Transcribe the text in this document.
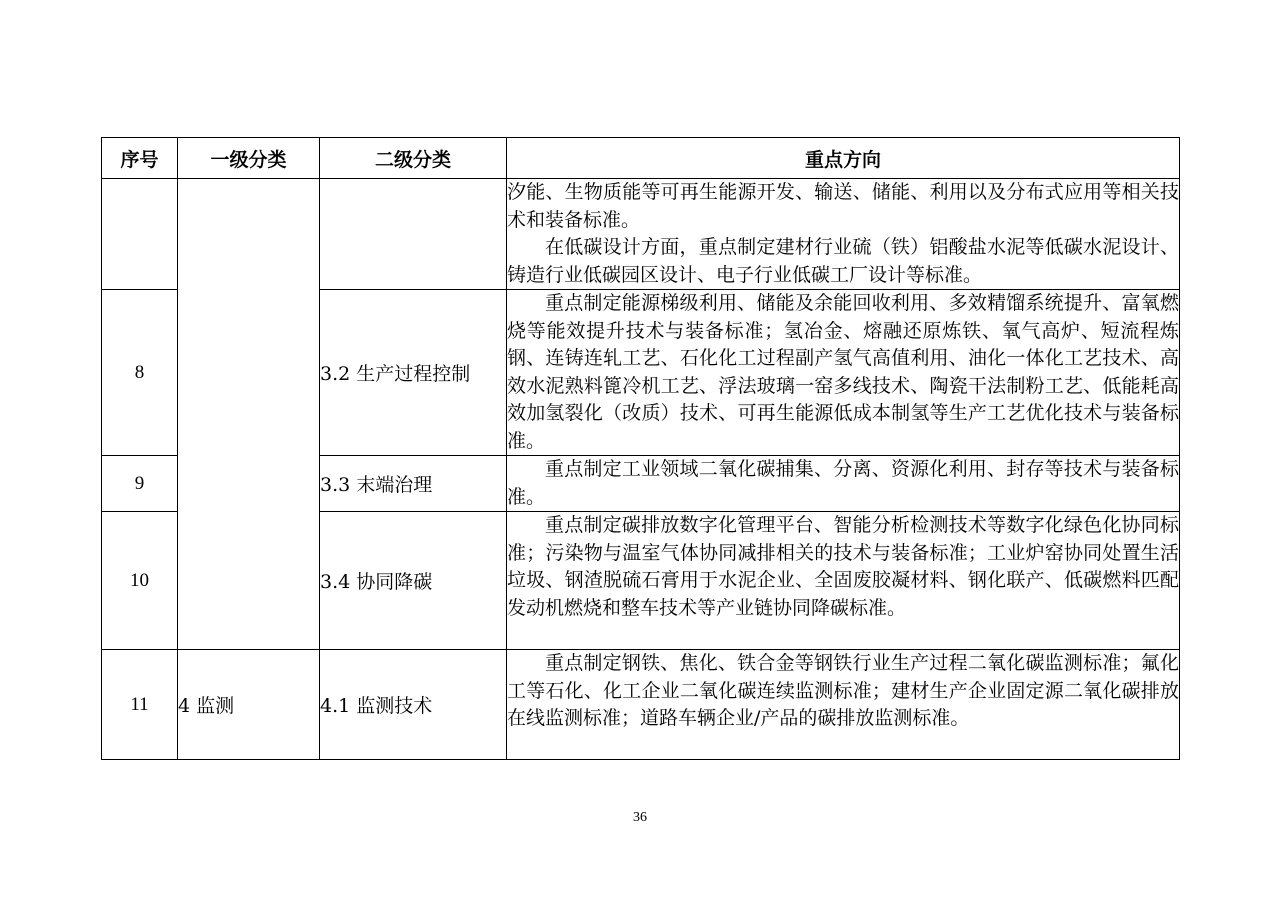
序号	一级分类	二级分类	重点方向

			汐能、生物质能等可再生能源开发、输送、储能、利用以及分布式应用等相关技术和装备标准。

在低碳设计方面，重点制定建材行业硫（铁）铝酸盐水泥等低碳水泥设计、铸造行业低碳园区设计、电子行业低碳工厂设计等标准。

8		3.2 生产过程控制	重点制定能源梯级利用、储能及余能回收利用、多效精馏系统提升、富氧燃烧等能效提升技术与装备标准；氢冶金、熔融还原炼铁、氧气高炉、短流程炼钢、连铸连轧工艺、石化化工过程副产氢气高值利用、油化一体化工艺技术、高效水泥熟料篦冷机工艺、浮法玻璃一窑多线技术、陶瓷干法制粉工艺、低能耗高效加氢裂化（改质）技术、可再生能源低成本制氢等生产工艺优化技术与装备标准。

9		3.3 末端治理	重点制定工业领域二氧化碳捕集、分离、资源化利用、封存等技术与装备标准。

10		3.4 协同降碳	重点制定碳排放数字化管理平台、智能分析检测技术等数字化绿色化协同标准；污染物与温室气体协同减排相关的技术与装备标准；工业炉窑协同处置生活垃圾、钢渣脱硫石膏用于水泥企业、全固废胶凝材料、钢化联产、低碳燃料匹配发动机燃烧和整车技术等产业链协同降碳标准。

11	4 监测	4.1 监测技术	重点制定钢铁、焦化、铁合金等钢铁行业生产过程二氧化碳监测标准；氟化工等石化、化工企业二氧化碳连续监测标准；建材生产企业固定源二氧化碳排放在线监测标准；道路车辆企业/产品的碳排放监测标准。

36
